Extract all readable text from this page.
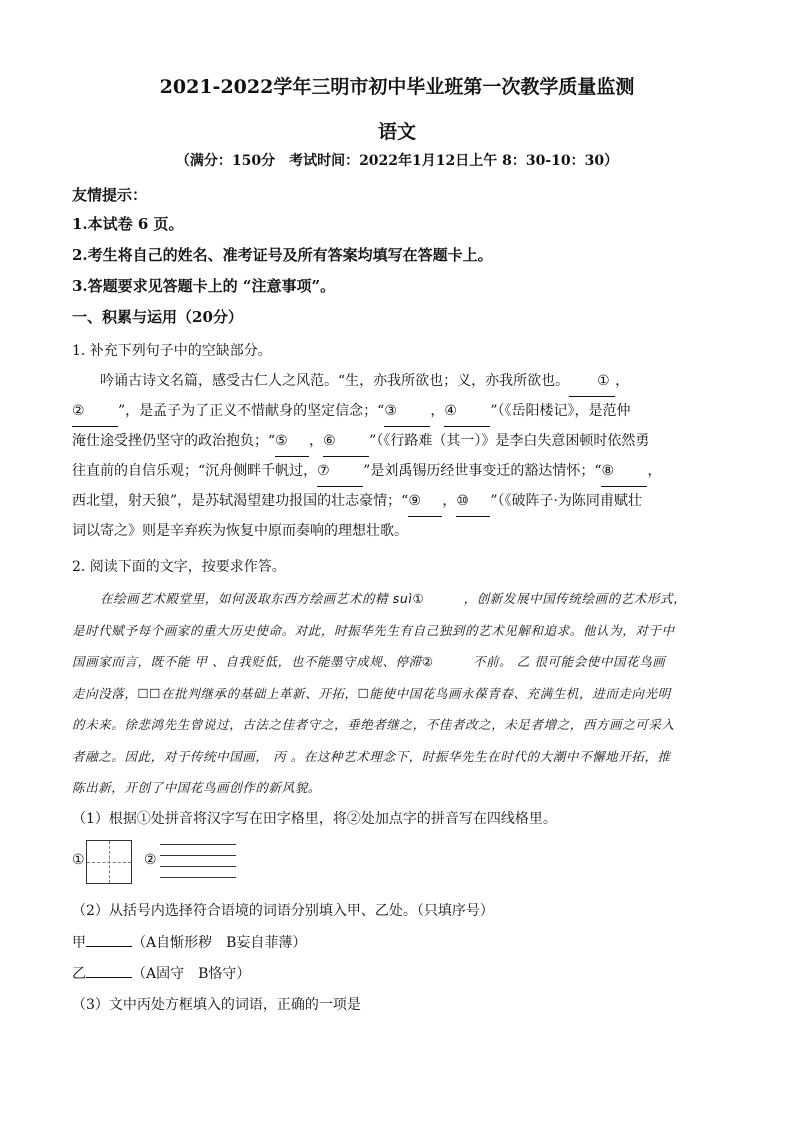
2021-2022学年三明市初中毕业班第一次教学质量监测
语文
（满分：150分　考试时间：2022年1月12日上午 8：30-10：30）
友情提示：
1.本试卷 6 页。
2.考生将自己的姓名、准考证号及所有答案均填写在答题卡上。
3.答题要求见答题卡上的 “注意事项”。
一、积累与运用（20分）
1. 补充下列句子中的空缺部分。
吟诵古诗文名篇，感受古仁人之风范。“生，亦我所欲也；义，亦我所欲也。 ① ，
② ”，是孟子为了正义不惜献身的坚定信念；“③ ，④ ”（《岳阳楼记》，是范仲
淹仕途受挫仍坚守的政治抱负；“⑤ ，⑥ ”（《行路难（其一）》是李白失意困顿时依然勇
往直前的自信乐观；“沉舟侧畔千帆过，⑦ ”是刘禹锡历经世事变迁的豁达情怀；“⑧ ，
西北望，射天狼”，是苏轼渴望建功报国的壮志豪情；“⑨ ，⑩ ”（《破阵子·为陈同甫赋壮
词以寄之》则是辛弃疾为恢复中原而奏响的理想壮歌。
2. 阅读下面的文字，按要求作答。
在绘画艺术殿堂里，如何汲取东西方绘画艺术的精 suì①　　　，创新发展中国传统绘画的艺术形式，
是时代赋予每个画家的重大历史使命。对此，时振华先生有自己独到的艺术见解和追求。他认为，对于中
国画家而言，既不能 甲 、自我贬低，也不能墨守成规、停滞②　　　不前。 乙 很可能会使中国花鸟画
走向没落，☐☐在批判继承的基础上革新、开拓，☐能使中国花鸟画永葆青春、充满生机，进而走向光明
的未来。徐悲鸿先生曾说过，古法之佳者守之，垂绝者继之，不佳者改之，未足者增之，西方画之可采入
者融之。因此，对于传统中国画， 丙 。在这种艺术理念下，时振华先生在时代的大潮中不懈地开拓，推
陈出新，开创了中国花鸟画创作的新风貌。
（1）根据①处拼音将汉字写在田字格里，将②处加点字的拼音写在四线格里。
①	②
（2）从括号内选择符合语境的词语分别填入甲、乙处。（只填序号）
甲	（A自惭形秽　B妄自菲薄）
乙	（A固守　B恪守）
（3）文中丙处方框填入的词语，正确的一项是
